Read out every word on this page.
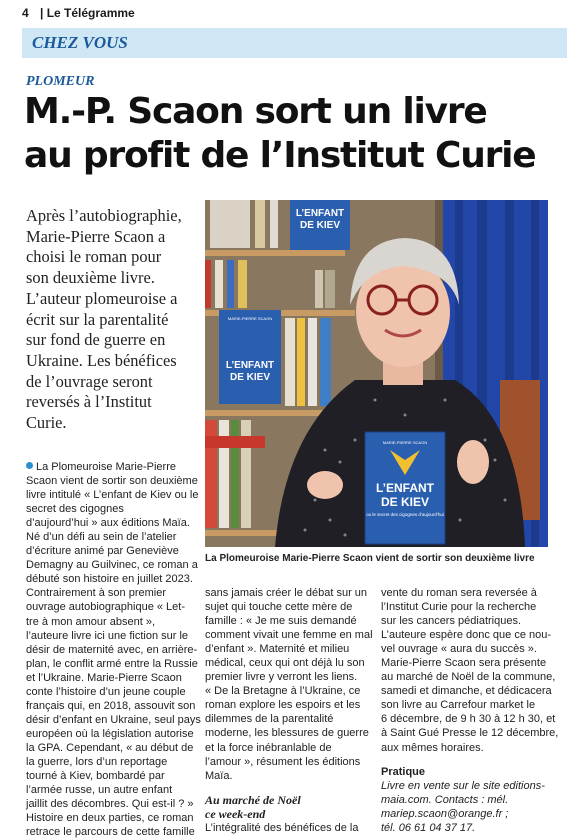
4 | Le Télégramme
CHEZ VOUS
PLOMEUR
M.-P. Scaon sort un livre
au profit de l’Institut Curie
Après l’autobiographie,
Marie-Pierre Scaon a
choisi le roman pour
son deuxième livre.
L’auteur plomeuroise a
écrit sur la parentalité
sur fond de guerre en
Ukraine. Les bénéfices
de l’ouvrage seront
reversés à l’Institut
Curie.
L’ENFANT
DE KIEV
MARIE-PIERRE SCAON
L’ENFANT
DE KIEV
MARIE-PIERRE SCAON
L’ENFANT
DE KIEV
ou le secret des cigognes d’aujourd’hui
La Plomeuroise Marie-Pierre Scaon vient de sortir son deuxième livre
La Plomeuroise Marie-Pierre
Scaon vient de sortir son deuxième
livre intitulé « L’enfant de Kiev ou le
secret des cigognes
d’aujourd’hui » aux éditions Maïa.
Né d’un défi au sein de l’atelier
d’écriture animé par Geneviève
Demagny au Guilvinec, ce roman a
débuté son histoire en juillet 2023.
Contrairement à son premier
ouvrage autobiographique « Let-
tre à mon amour absent »,
l’auteure livre ici une fiction sur le
désir de maternité avec, en arrière-
plan, le conflit armé entre la Russie
et l’Ukraine. Marie-Pierre Scaon
conte l’histoire d’un jeune couple
français qui, en 2018, assouvit son
désir d’enfant en Ukraine, seul pays
européen où la législation autorise
la GPA. Cependant, « au début de
la guerre, lors d’un reportage
tourné à Kiev, bombardé par
l’armée russe, un autre enfant
jaillit des décombres. Qui est-il ? »
Histoire en deux parties, ce roman
retrace le parcours de cette famille
sans jamais créer le débat sur un
sujet qui touche cette mère de
famille : « Je me suis demandé
comment vivait une femme en mal
d’enfant ». Maternité et milieu
médical, ceux qui ont déjà lu son
premier livre y verront les liens.
« De la Bretagne à l’Ukraine, ce
roman explore les espoirs et les
dilemmes de la parentalité
moderne, les blessures de guerre
et la force inébranlable de
l’amour », résument les éditions
Maïa.
Au marché de Noël
ce week-end
L’intégralité des bénéfices de la
vente du roman sera reversée à
l’Institut Curie pour la recherche
sur les cancers pédiatriques.
L’auteure espère donc que ce nou-
vel ouvrage « aura du succès ».
Marie-Pierre Scaon sera présente
au marché de Noël de la commune,
samedi et dimanche, et dédicacera
son livre au Carrefour market le
6 décembre, de 9 h 30 à 12 h 30, et
à Saint Gué Presse le 12 décembre,
aux mêmes horaires.
Pratique
Livre en vente sur le site editions-
maia.com. Contacts : mél.
mariep.scaon@orange.fr ;
tél. 06 61 04 37 17.
